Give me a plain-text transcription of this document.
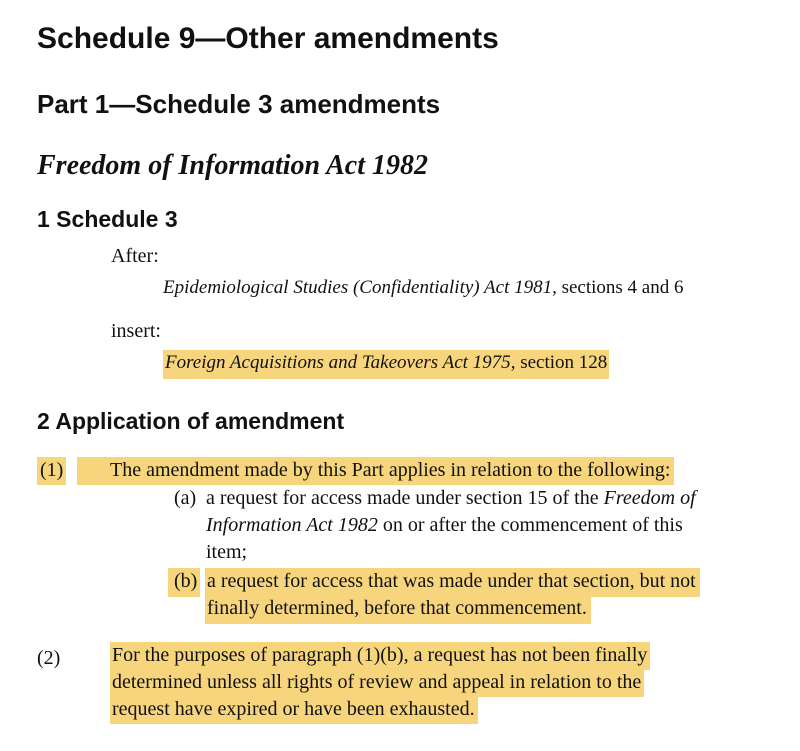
Schedule 9—Other amendments
Part 1—Schedule 3 amendments
Freedom of Information Act 1982
1 Schedule 3
After:
Epidemiological Studies (Confidentiality) Act 1981, sections 4 and 6
insert:
Foreign Acquisitions and Takeovers Act 1975, section 128
2 Application of amendment
(1)	The amendment made by this Part applies in relation to the following:
(a) a request for access made under section 15 of the Freedom of
Information Act 1982 on or after the commencement of this
item;
(b) a request for access that was made under that section, but not
finally determined, before that commencement.
(2)	For the purposes of paragraph (1)(b), a request has not been finally
determined unless all rights of review and appeal in relation to the
request have expired or have been exhausted.
